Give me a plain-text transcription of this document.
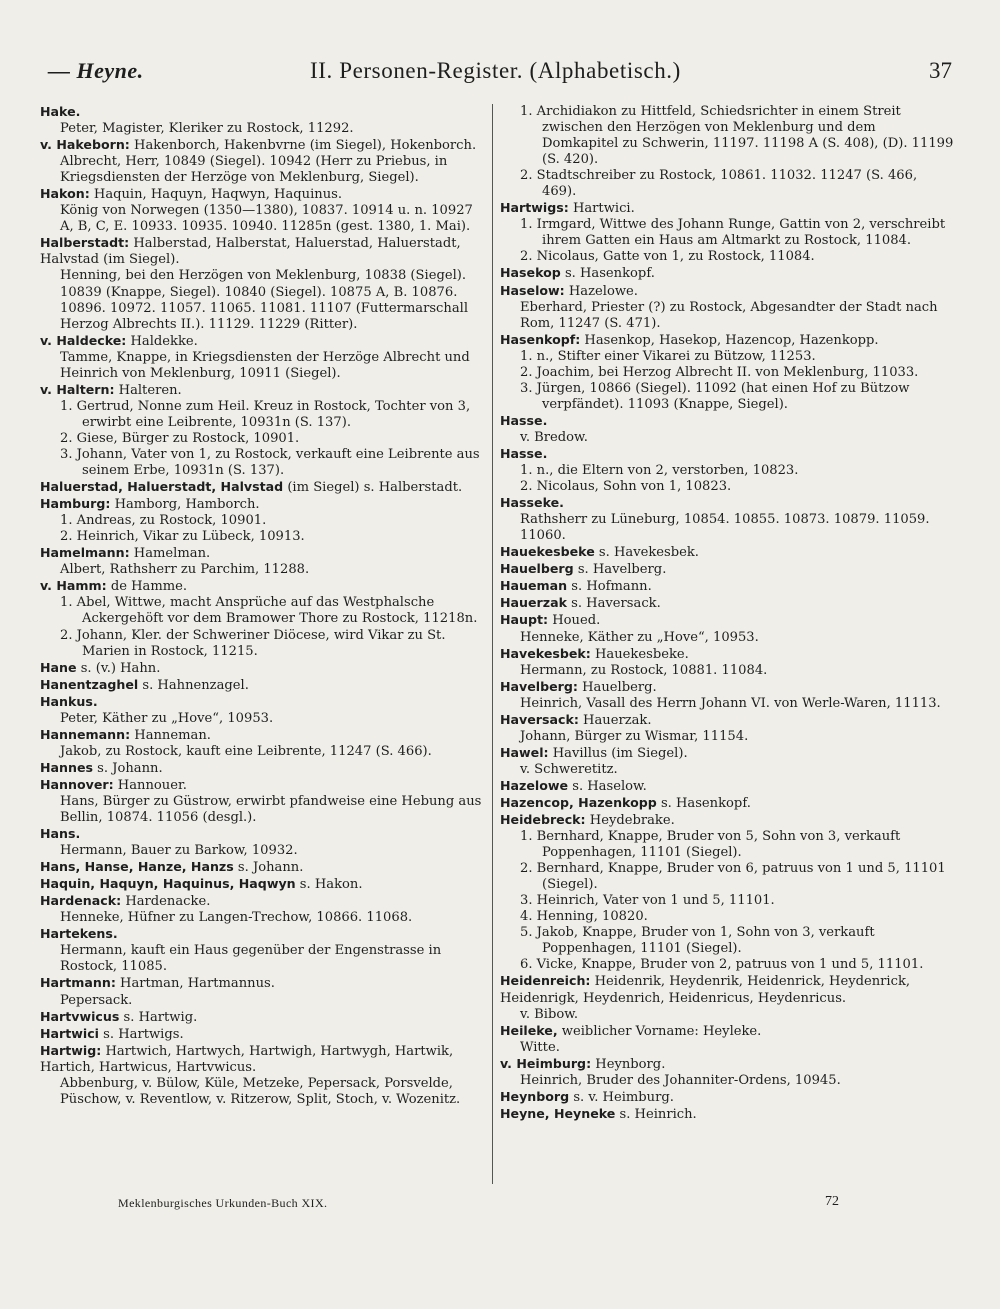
— Heyne.	II. Personen-Register. (Alphabetisch.)	37
Hake.
Peter, Magister, Kleriker zu Rostock, 11292.
v. Hakeborn: Hakenborch, Hakenbvrne (im Siegel), Hokenborch.
Albrecht, Herr, 10849 (Siegel). 10942 (Herr zu Priebus, in Kriegsdiensten der Herzöge von Meklenburg, Siegel).
Hakon: Haquin, Haquyn, Haqwyn, Haquinus.
König von Norwegen (1350—1380), 10837. 10914 u. n. 10927 A, B, C, E. 10933. 10935. 10940. 11285n (gest. 1380, 1. Mai).
Halberstadt: Halberstad, Halberstat, Haluerstad, Haluerstadt, Halvstad (im Siegel).
Henning, bei den Herzögen von Meklenburg, 10838 (Siegel). 10839 (Knappe, Siegel). 10840 (Siegel). 10875 A, B. 10876. 10896. 10972. 11057. 11065. 11081. 11107 (Futtermarschall Herzog Albrechts II.). 11129. 11229 (Ritter).
v. Haldecke: Haldekke.
Tamme, Knappe, in Kriegsdiensten der Herzöge Albrecht und Heinrich von Meklenburg, 10911 (Siegel).
v. Haltern: Halteren.
1. Gertrud, Nonne zum Heil. Kreuz in Rostock, Tochter von 3, erwirbt eine Leibrente, 10931n (S. 137).
2. Giese, Bürger zu Rostock, 10901.
3. Johann, Vater von 1, zu Rostock, verkauft eine Leibrente aus seinem Erbe, 10931n (S. 137).
Haluerstad, Haluerstadt, Halvstad (im Siegel) s. Halberstadt.
Hamburg: Hamborg, Hamborch.
1. Andreas, zu Rostock, 10901.
2. Heinrich, Vikar zu Lübeck, 10913.
Hamelmann: Hamelman.
Albert, Rathsherr zu Parchim, 11288.
v. Hamm: de Hamme.
1. Abel, Wittwe, macht Ansprüche auf das Westphalsche Ackergehöft vor dem Bramower Thore zu Rostock, 11218n.
2. Johann, Kler. der Schweriner Diöcese, wird Vikar zu St. Marien in Rostock, 11215.
Hane s. (v.) Hahn.
Hanentzaghel s. Hahnenzagel.
Hankus.
Peter, Käther zu „Hove“, 10953.
Hannemann: Hanneman.
Jakob, zu Rostock, kauft eine Leibrente, 11247 (S. 466).
Hannes s. Johann.
Hannover: Hannouer.
Hans, Bürger zu Güstrow, erwirbt pfandweise eine Hebung aus Bellin, 10874. 11056 (desgl.).
Hans.
Hermann, Bauer zu Barkow, 10932.
Hans, Hanse, Hanze, Hanzs s. Johann.
Haquin, Haquyn, Haquinus, Haqwyn s. Hakon.
Hardenack: Hardenacke.
Henneke, Hüfner zu Langen-Trechow, 10866. 11068.
Hartekens.
Hermann, kauft ein Haus gegenüber der Engenstrasse in Rostock, 11085.
Hartmann: Hartman, Hartmannus.
Pepersack.
Hartvwicus s. Hartwig.
Hartwici s. Hartwigs.
Hartwig: Hartwich, Hartwych, Hartwigh, Hartwygh, Hartwik, Hartich, Hartwicus, Hartvwicus.
Abbenburg, v. Bülow, Küle, Metzeke, Pepersack, Porsvelde, Püschow, v. Reventlow, v. Ritzerow, Split, Stoch, v. Wozenitz.
1. Archidiakon zu Hittfeld, Schiedsrichter in einem Streit zwischen den Herzögen von Meklenburg und dem Domkapitel zu Schwerin, 11197. 11198 A (S. 408), (D). 11199 (S. 420).
2. Stadtschreiber zu Rostock, 10861. 11032. 11247 (S. 466, 469).
Hartwigs: Hartwici.
1. Irmgard, Wittwe des Johann Runge, Gattin von 2, verschreibt ihrem Gatten ein Haus am Altmarkt zu Rostock, 11084.
2. Nicolaus, Gatte von 1, zu Rostock, 11084.
Hasekop s. Hasenkopf.
Haselow: Hazelowe.
Eberhard, Priester (?) zu Rostock, Abgesandter der Stadt nach Rom, 11247 (S. 471).
Hasenkopf: Hasenkop, Hasekop, Hazencop, Hazenkopp.
1. n., Stifter einer Vikarei zu Bützow, 11253.
2. Joachim, bei Herzog Albrecht II. von Meklenburg, 11033.
3. Jürgen, 10866 (Siegel). 11092 (hat einen Hof zu Bützow verpfändet). 11093 (Knappe, Siegel).
Hasse.
v. Bredow.
Hasse.
1. n., die Eltern von 2, verstorben, 10823.
2. Nicolaus, Sohn von 1, 10823.
Hasseke.
Rathsherr zu Lüneburg, 10854. 10855. 10873. 10879. 11059. 11060.
Hauekesbeke s. Havekesbek.
Hauelberg s. Havelberg.
Haueman s. Hofmann.
Hauerzak s. Haversack.
Haupt: Houed.
Henneke, Käther zu „Hove“, 10953.
Havekesbek: Hauekesbeke.
Hermann, zu Rostock, 10881. 11084.
Havelberg: Hauelberg.
Heinrich, Vasall des Herrn Johann VI. von Werle-Waren, 11113.
Haversack: Hauerzak.
Johann, Bürger zu Wismar, 11154.
Hawel: Havillus (im Siegel).
v. Schweretitz.
Hazelowe s. Haselow.
Hazencop, Hazenkopp s. Hasenkopf.
Heidebreck: Heydebrake.
1. Bernhard, Knappe, Bruder von 5, Sohn von 3, verkauft Poppenhagen, 11101 (Siegel).
2. Bernhard, Knappe, Bruder von 6, patruus von 1 und 5, 11101 (Siegel).
3. Heinrich, Vater von 1 und 5, 11101.
4. Henning, 10820.
5. Jakob, Knappe, Bruder von 1, Sohn von 3, verkauft Poppenhagen, 11101 (Siegel).
6. Vicke, Knappe, Bruder von 2, patruus von 1 und 5, 11101.
Heidenreich: Heidenrik, Heydenrik, Heidenrick, Heydenrick, Heidenrigk, Heydenrich, Heidenricus, Heydenricus.
v. Bibow.
Heileke, weiblicher Vorname: Heyleke.
Witte.
v. Heimburg: Heynborg.
Heinrich, Bruder des Johanniter-Ordens, 10945.
Heynborg s. v. Heimburg.
Heyne, Heyneke s. Heinrich.
Meklenburgisches Urkunden-Buch XIX.	72
